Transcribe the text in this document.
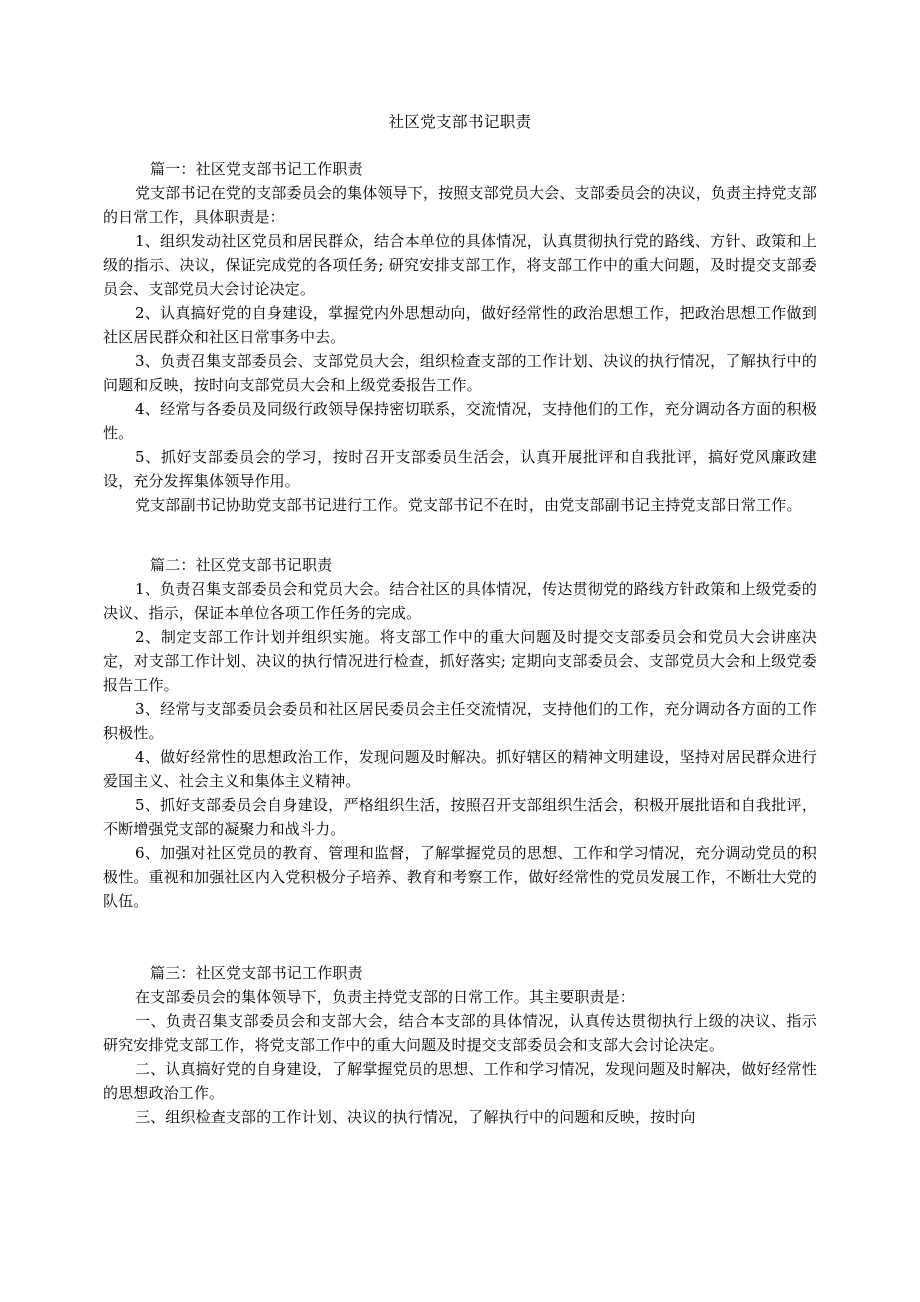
社区党支部书记职责
篇一：社区党支部书记工作职责
党支部书记在党的支部委员会的集体领导下，按照支部党员大会、支部委员会的决议，负责主持党支部的日常工作，具体职责是：
1、组织发动社区党员和居民群众，结合本单位的具体情况，认真贯彻执行党的路线、方针、政策和上级的指示、决议，保证完成党的各项任务; 研究安排支部工作，将支部工作中的重大问题，及时提交支部委员会、支部党员大会讨论决定。
2、认真搞好党的自身建设，掌握党内外思想动向，做好经常性的政治思想工作，把政治思想工作做到社区居民群众和社区日常事务中去。
3、负责召集支部委员会、支部党员大会，组织检查支部的工作计划、决议的执行情况，了解执行中的问题和反映，按时向支部党员大会和上级党委报告工作。
4、经常与各委员及同级行政领导保持密切联系，交流情况，支持他们的工作，充分调动各方面的积极性。
5、抓好支部委员会的学习，按时召开支部委员生活会，认真开展批评和自我批评，搞好党风廉政建设，充分发挥集体领导作用。
党支部副书记协助党支部书记进行工作。党支部书记不在时，由党支部副书记主持党支部日常工作。
篇二：社区党支部书记职责
1、负责召集支部委员会和党员大会。结合社区的具体情况，传达贯彻党的路线方针政策和上级党委的决议、指示，保证本单位各项工作任务的完成。
2、制定支部工作计划并组织实施。将支部工作中的重大问题及时提交支部委员会和党员大会讲座决定，对支部工作计划、决议的执行情况进行检查，抓好落实; 定期向支部委员会、支部党员大会和上级党委报告工作。
3、经常与支部委员会委员和社区居民委员会主任交流情况，支持他们的工作，充分调动各方面的工作积极性。
4、做好经常性的思想政治工作，发现问题及时解决。抓好辖区的精神文明建设，坚持对居民群众进行爱国主义、社会主义和集体主义精神。
5、抓好支部委员会自身建设，严格组织生活，按照召开支部组织生活会，积极开展批语和自我批评，不断增强党支部的凝聚力和战斗力。
6、加强对社区党员的教育、管理和监督，了解掌握党员的思想、工作和学习情况，充分调动党员的积极性。重视和加强社区内入党积极分子培养、教育和考察工作，做好经常性的党员发展工作，不断壮大党的队伍。
篇三：社区党支部书记工作职责
在支部委员会的集体领导下，负责主持党支部的日常工作。其主要职责是：
一、负责召集支部委员会和支部大会，结合本支部的具体情况，认真传达贯彻执行上级的决议、指示 研究安排党支部工作，将党支部工作中的重大问题及时提交支部委员会和支部大会讨论决定。
二、认真搞好党的自身建设，了解掌握党员的思想、工作和学习情况，发现问题及时解决，做好经常性的思想政治工作。
三、组织检查支部的工作计划、决议的执行情况，了解执行中的问题和反映，按时向
